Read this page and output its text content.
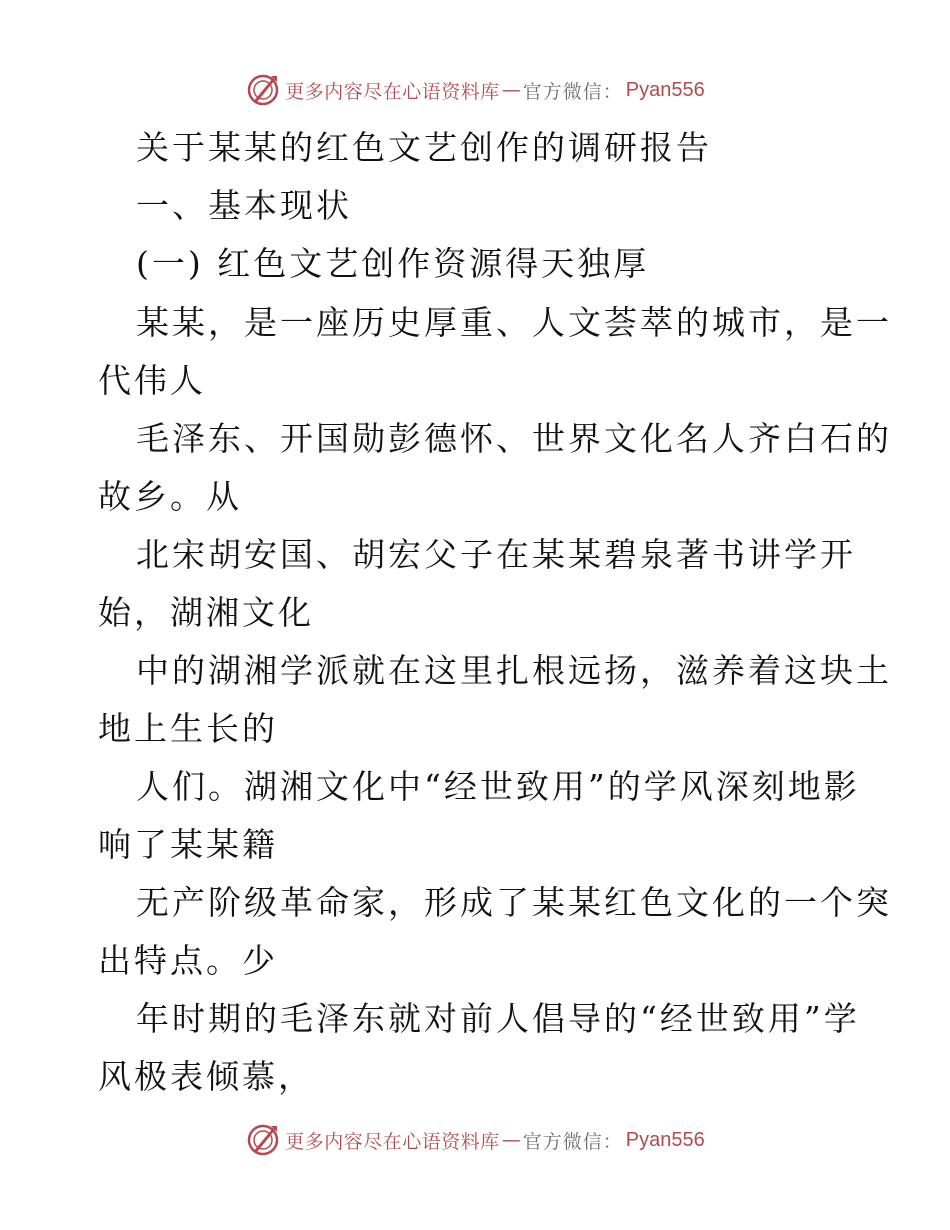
更多内容尽在心语资料库 — 官方微信 ： Pyan556
关于某某的红色文艺创作的调研报告
一、基本现状
(一) 红色文艺创作资源得天独厚
某某，是一座历史厚重、人文荟萃的城市，是一
代伟人
毛泽东、开国勋彭德怀、世界文化名人齐白石的
故乡。从
北宋胡安国、胡宏父子在某某碧泉著书讲学开
始，湖湘文化
中的湖湘学派就在这里扎根远扬，滋养着这块土
地上生长的
人们。湖湘文化中“经世致用”的学风深刻地影
响了某某籍
无产阶级革命家，形成了某某红色文化的一个突
出特点。少
年时期的毛泽东就对前人倡导的“经世致用”学
风极表倾慕，
更多内容尽在心语资料库 — 官方微信 ： Pyan556
